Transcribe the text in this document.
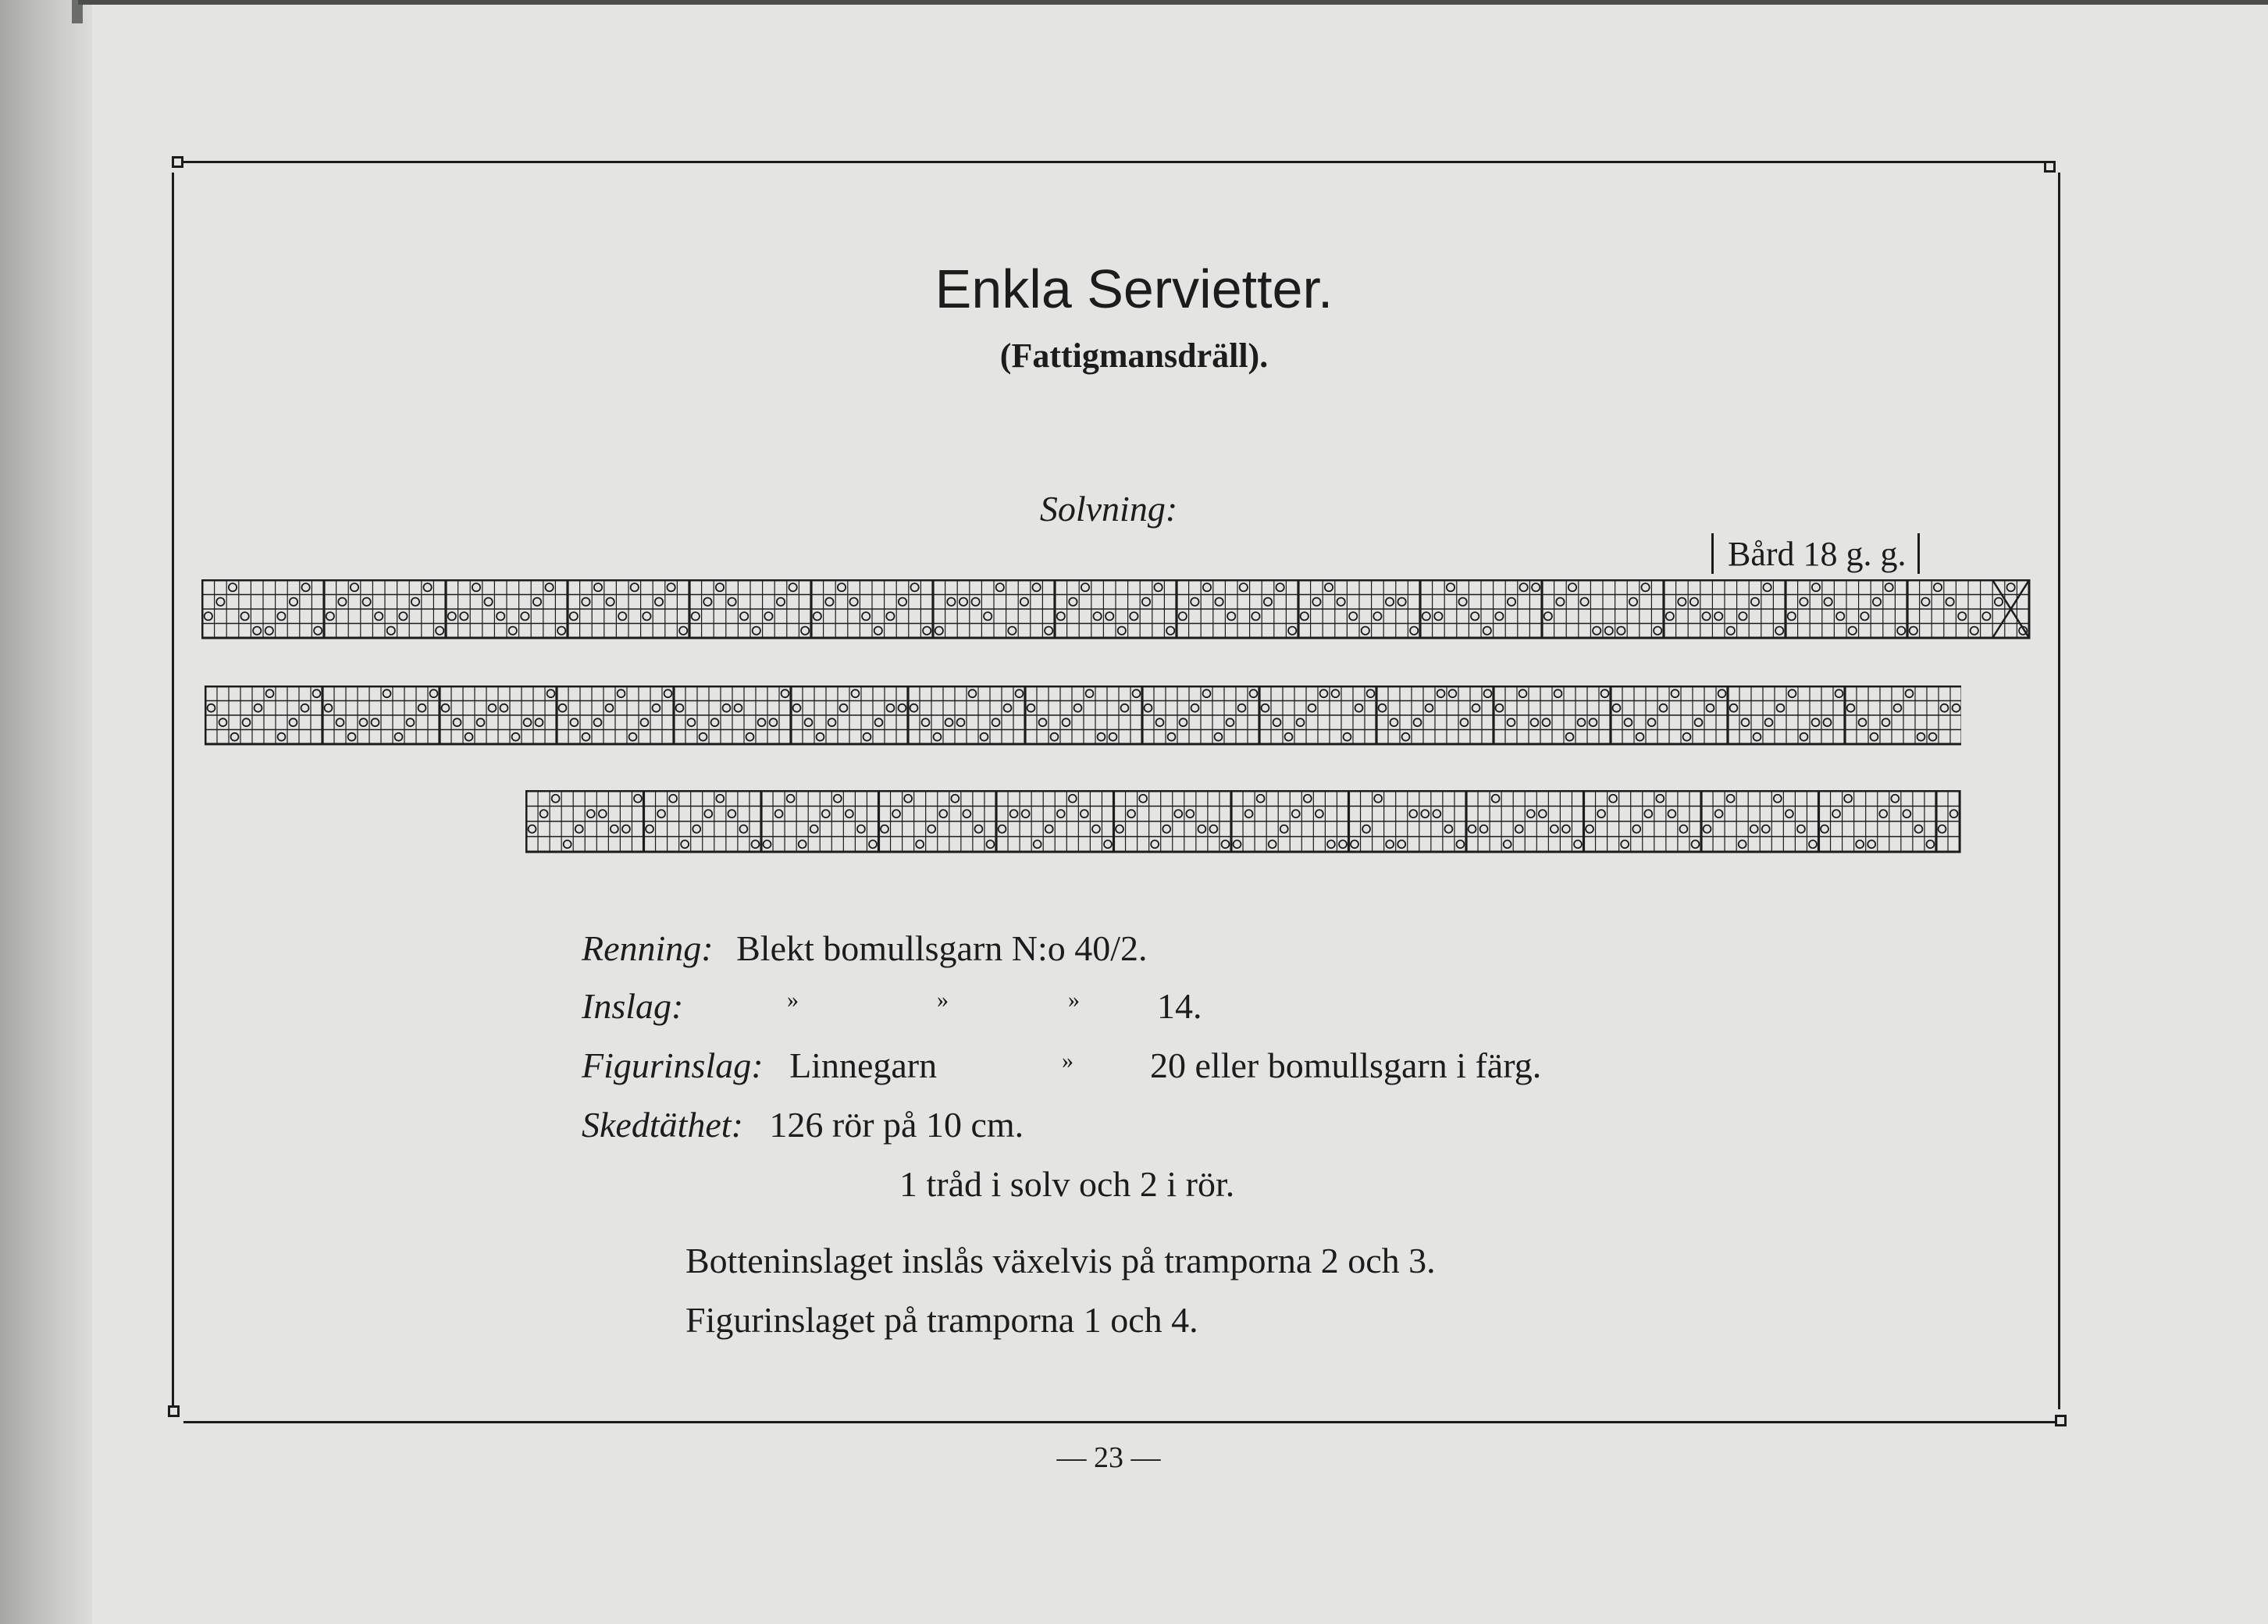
Enkla Servietter.
(Fattigmansdräll).
Solvning:
Bård 18 g. g.
Renning: Blekt bomullsgarn N:o 40/2.
Inslag:	»	»	» 14.
Figurinslag: Linnegarn	» 20 eller bomullsgarn i färg.
Skedtäthet: 126 rör på 10 cm.
1 tråd i solv och 2 i rör.
Botteninslaget inslås växelvis på tramporna 2 och 3.
Figurinslaget på tramporna 1 och 4.
— 23 —
